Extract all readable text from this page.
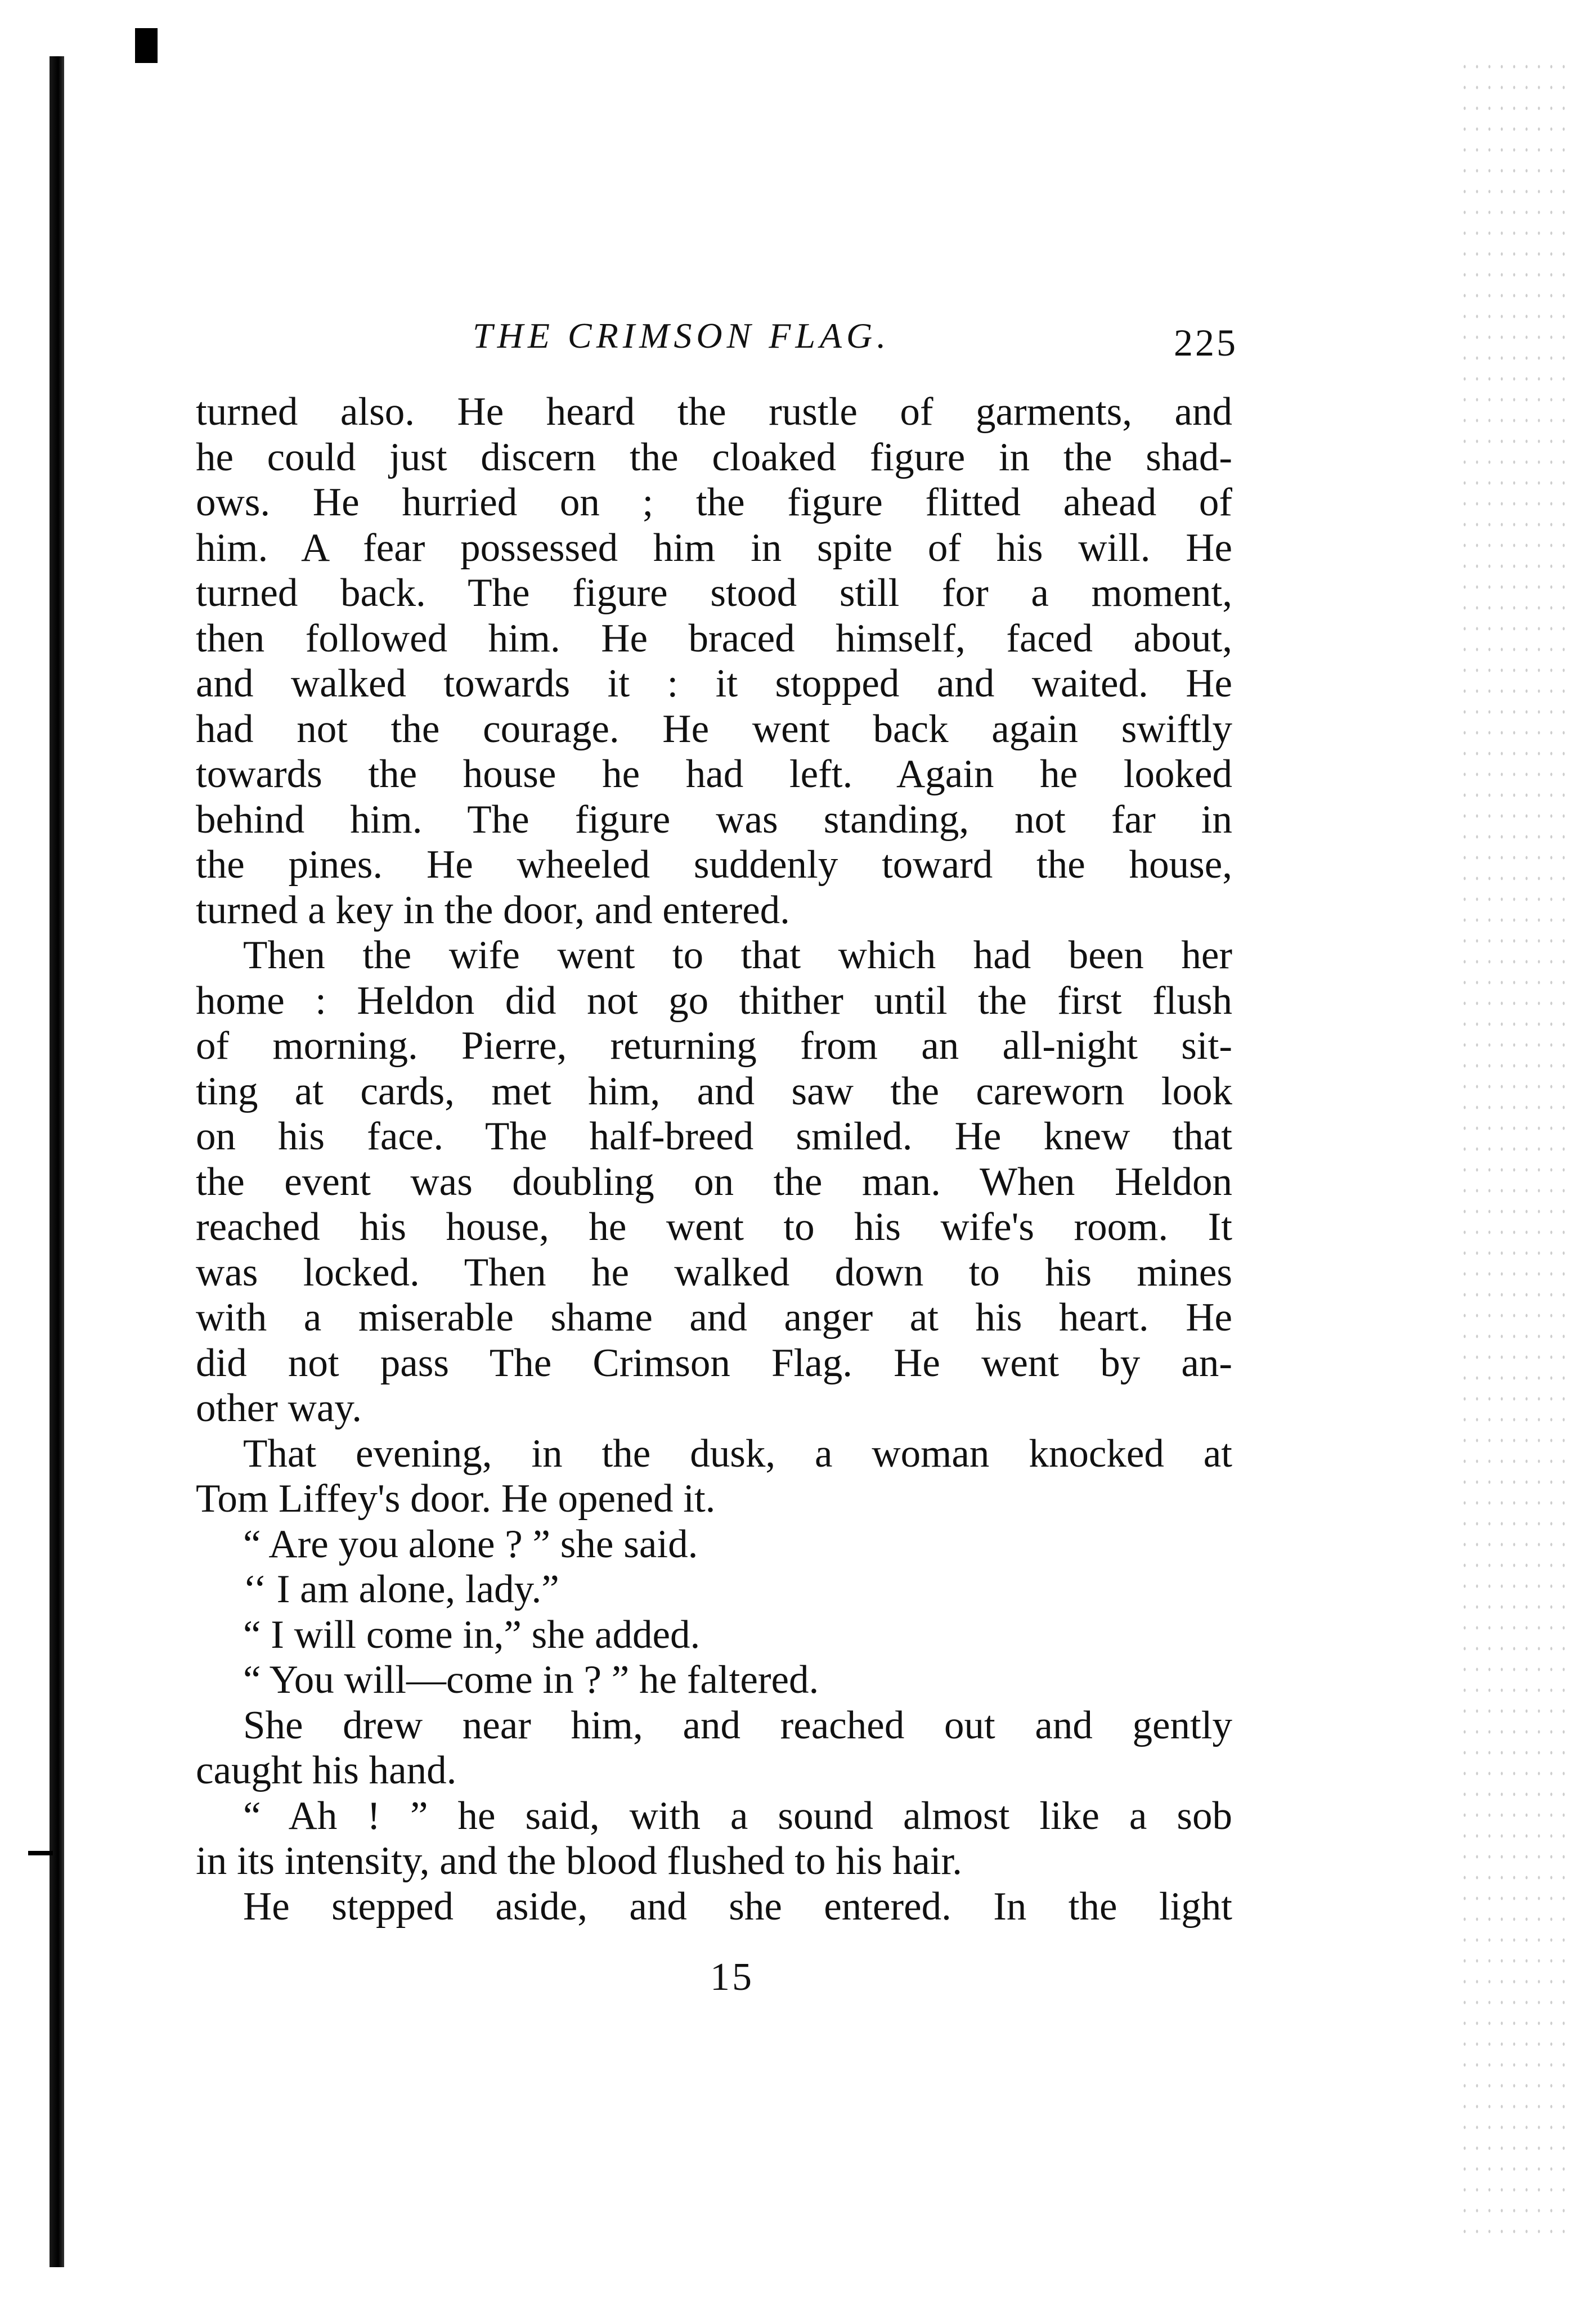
THE CRIMSON FLAG.	225
turned also. He heard the rustle of garments, and
he could just discern the cloaked figure in the shad-
ows. He hurried on ; the figure flitted ahead of
him. A fear possessed him in spite of his will. He
turned back. The figure stood still for a moment,
then followed him. He braced himself, faced about,
and walked towards it : it stopped and waited. He
had not the courage. He went back again swiftly
towards the house he had left. Again he looked
behind him. The figure was standing, not far in
the pines. He wheeled suddenly toward the house,
turned a key in the door, and entered.
Then the wife went to that which had been her
home : Heldon did not go thither until the first flush
of morning. Pierre, returning from an all-night sit-
ting at cards, met him, and saw the careworn look
on his face. The half-breed smiled. He knew that
the event was doubling on the man. When Heldon
reached his house, he went to his wife's room. It
was locked. Then he walked down to his mines
with a miserable shame and anger at his heart. He
did not pass The Crimson Flag. He went by an-
other way.
That evening, in the dusk, a woman knocked at
Tom Liffey's door. He opened it.
“ Are you alone ? ” she said.
‘‘ I am alone, lady.”
“ I will come in,” she added.
“ You will—come in ? ” he faltered.
She drew near him, and reached out and gently
caught his hand.
“ Ah ! ” he said, with a sound almost like a sob
in its intensity, and the blood flushed to his hair.
He stepped aside, and she entered. In the light
15
